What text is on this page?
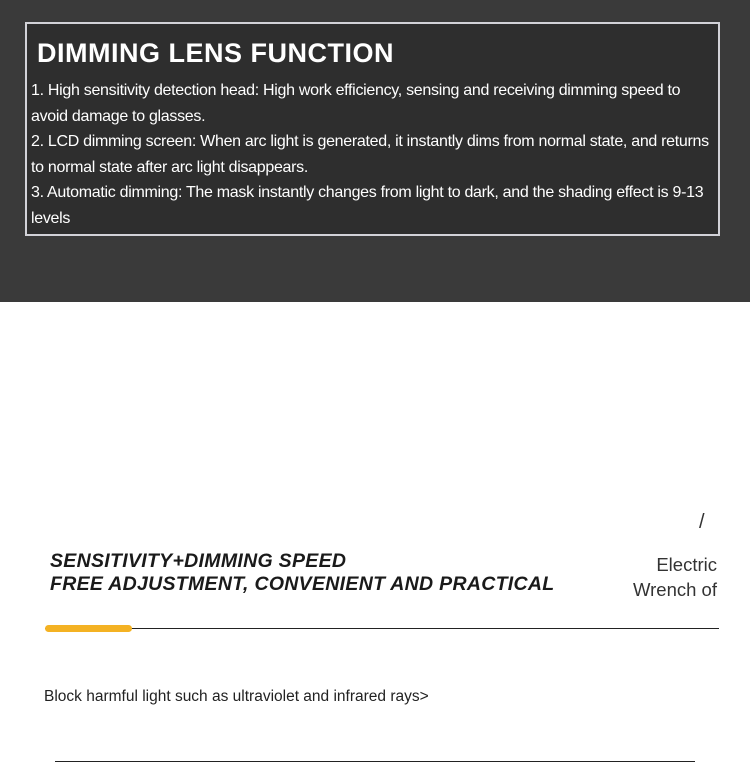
DIMMING LENS FUNCTION
1. High sensitivity detection head: High work efficiency, sensing and receiving dimming speed to avoid damage to glasses.
2. LCD dimming screen: When arc light is generated, it instantly dims from normal state, and returns to normal state after arc light disappears.
3. Automatic dimming: The mask instantly changes from light to dark, and the shading effect is 9-13 levels
/
SENSITIVITY+DIMMING SPEED
FREE ADJUSTMENT, CONVENIENT AND PRACTICAL
Electric
Wrench of
Block harmful light such as ultraviolet and infrared rays>
